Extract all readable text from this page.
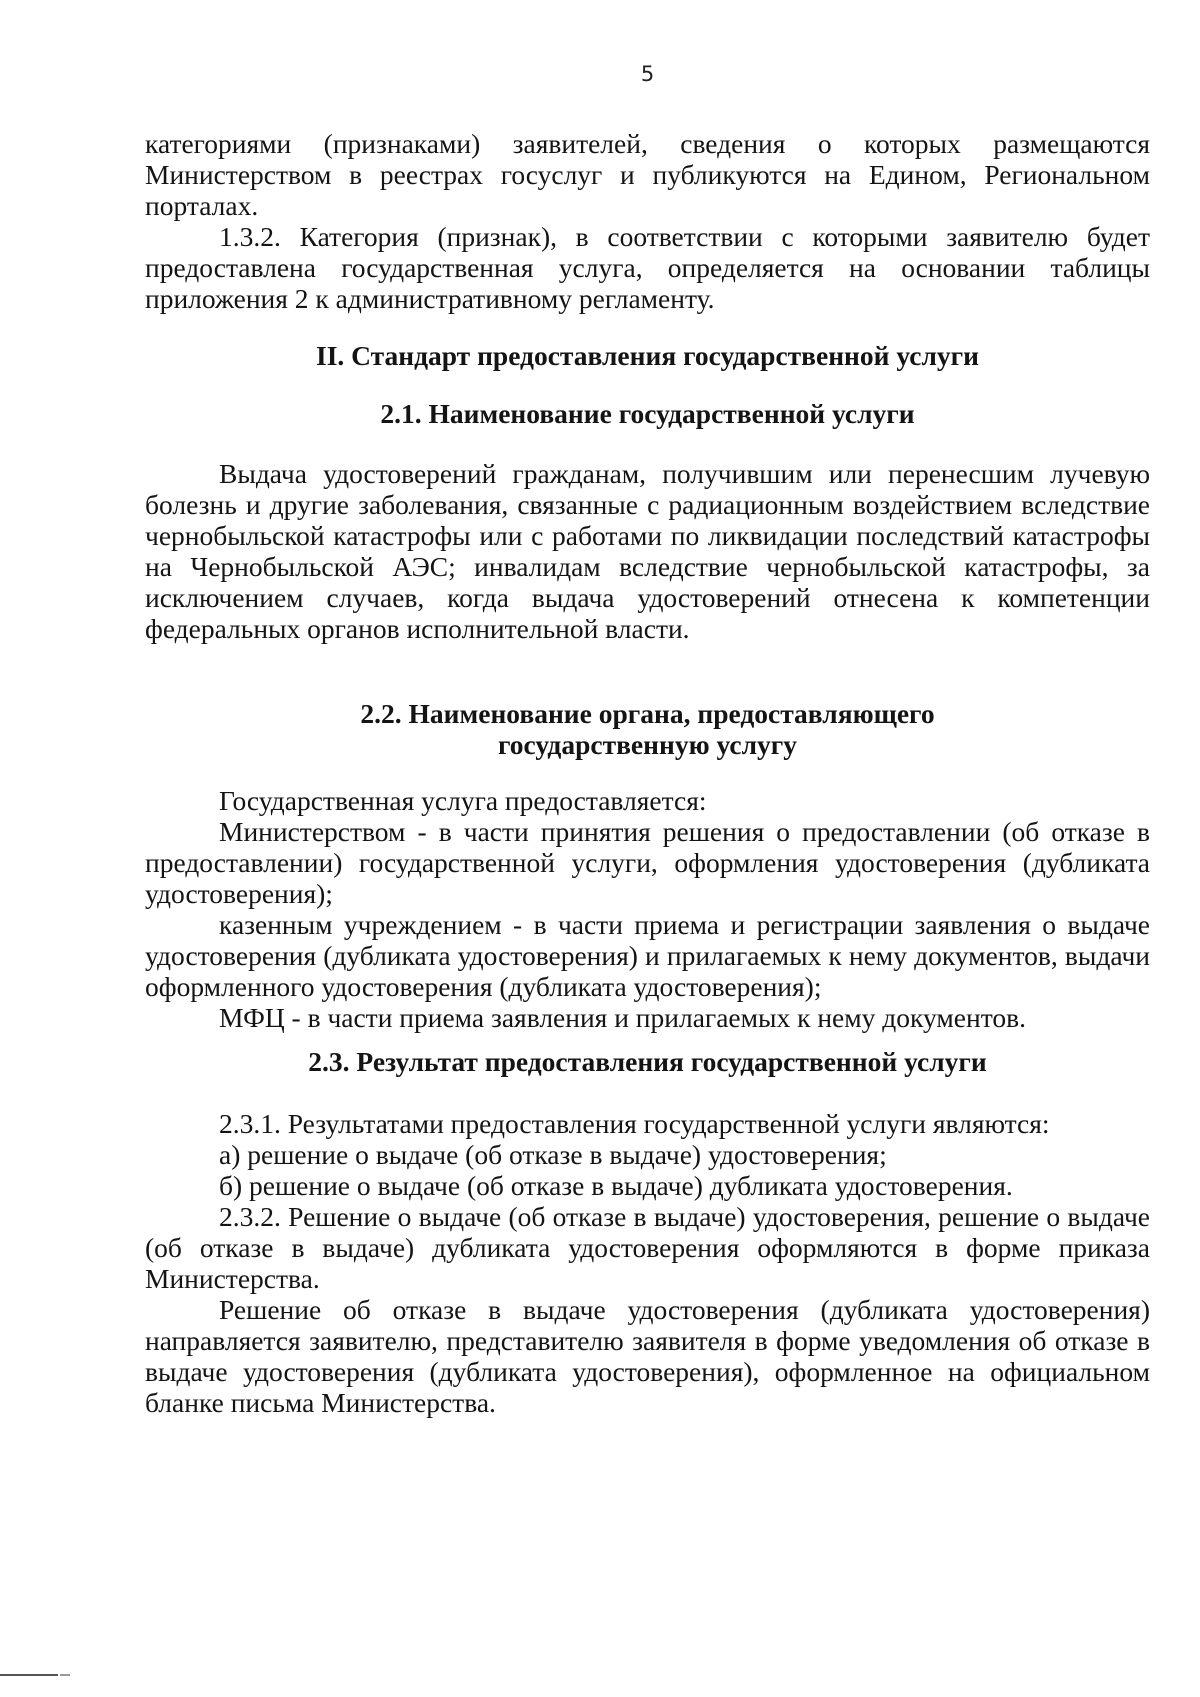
5

категориями (признаками) заявителей, сведения о которых размещаются Министерством в реестрах госуслуг и публикуются на Едином, Региональном порталах.

1.3.2. Категория (признак), в соответствии с которыми заявителю будет предоставлена государственная услуга, определяется на основании таблицы приложения 2 к административному регламенту.

II. Стандарт предоставления государственной услуги
2.1. Наименование государственной услуги

Выдача удостоверений гражданам, получившим или перенесшим лучевую болезнь и другие заболевания, связанные с радиационным воздействием вследствие чернобыльской катастрофы или с работами по ликвидации последствий катастрофы на Чернобыльской АЭС; инвалидам вследствие чернобыльской катастрофы, за исключением случаев, когда выдача удостоверений отнесена к компетенции федеральных органов исполнительной власти.

2.2. Наименование органа, предоставляющего
государственную услугу

Государственная услуга предоставляется:

Министерством - в части принятия решения о предоставлении (об отказе в предоставлении) государственной услуги, оформления удостоверения (дубликата удостоверения);

казенным учреждением - в части приема и регистрации заявления о выдаче удостоверения (дубликата удостоверения) и прилагаемых к нему документов, выдачи оформленного удостоверения (дубликата удостоверения);

МФЦ - в части приема заявления и прилагаемых к нему документов.

2.3. Результат предоставления государственной услуги

2.3.1. Результатами предоставления государственной услуги являются:

а) решение о выдаче (об отказе в выдаче) удостоверения;

б) решение о выдаче (об отказе в выдаче) дубликата удостоверения.

2.3.2. Решение о выдаче (об отказе в выдаче) удостоверения, решение о выдаче (об отказе в выдаче) дубликата удостоверения оформляются в форме приказа Министерства.

Решение об отказе в выдаче удостоверения (дубликата удостоверения) направляется заявителю, представителю заявителя в форме уведомления об отказе в выдаче удостоверения (дубликата удостоверения), оформленное на официальном бланке письма Министерства.
